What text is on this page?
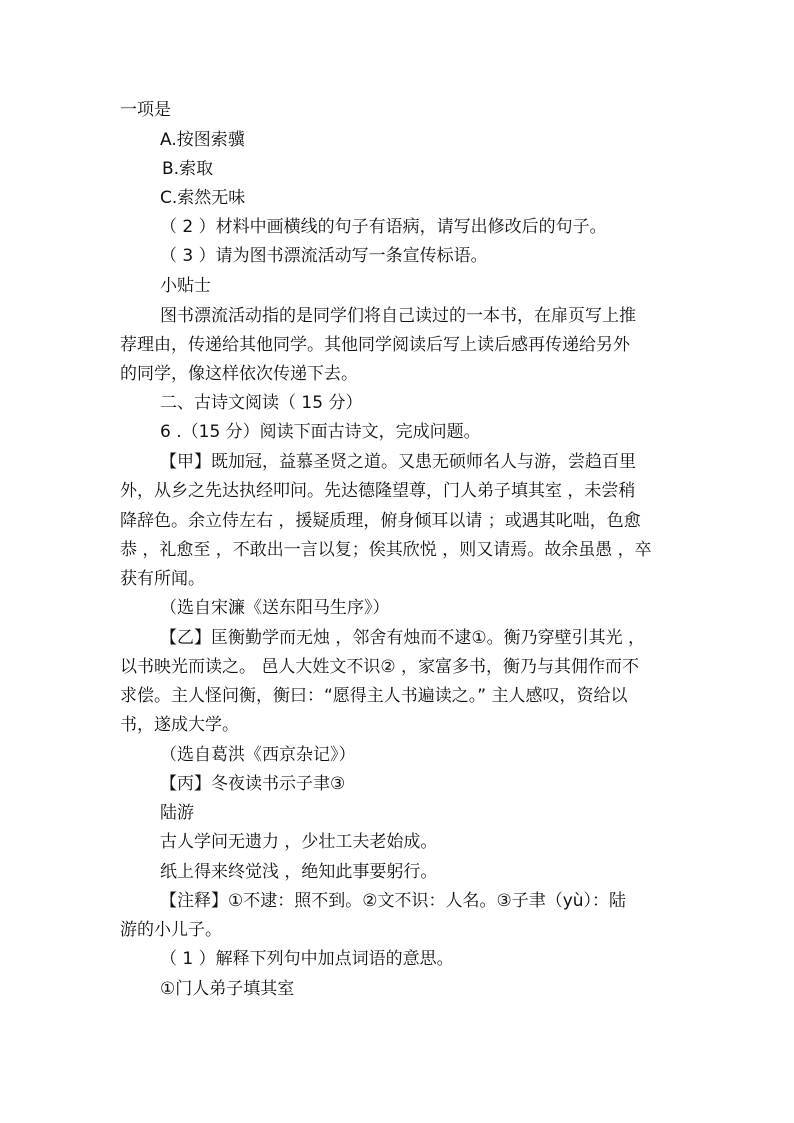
一项是
A.按图索骥
B.索取
C.索然无味
（ 2 ）材料中画横线的句子有语病，请写出修改后的句子。
（ 3 ）请为图书漂流活动写一条宣传标语。
小贴士
图书漂流活动指的是同学们将自己读过的一本书，在扉页写上推
荐理由，传递给其他同学。其他同学阅读后写上读后感再传递给另外
的同学，像这样依次传递下去。
二、古诗文阅读（ 15 分）
6 .（15 分）阅读下面古诗文，完成问题。
【甲】既加冠，益慕圣贤之道。又患无硕师名人与游，尝趋百里
外，从乡之先达执经叩问。先达德隆望尊，门人弟子填其室 ，未尝稍
降辞色。余立侍左右 ，援疑质理，俯身倾耳以请 ；或遇其叱咄，色愈
恭 ，礼愈至 ，不敢出一言以复；俟其欣悦 ，则又请焉。故余虽愚 ，卒
获有所闻。
（选自宋濂《送东阳马生序》）
【乙】匡衡勤学而无烛 ，邻舍有烛而不逮①。衡乃穿壁引其光 ，
以书映光而读之。 邑人大姓文不识② ，家富多书，衡乃与其佣作而不
求偿。主人怪问衡，衡曰：“愿得主人书遍读之。” 主人感叹，资给以
书，遂成大学。
（选自葛洪《西京杂记》）
【丙】冬夜读书示子聿③
陆游
古人学问无遗力 ，少壮工夫老始成。
纸上得来终觉浅 ，绝知此事要躬行。
【注释】①不逮：照不到。②文不识：人名。③子聿（yù）：陆
游的小儿子。
（ 1 ）解释下列句中加点词语的意思。
①门人弟子填其室
